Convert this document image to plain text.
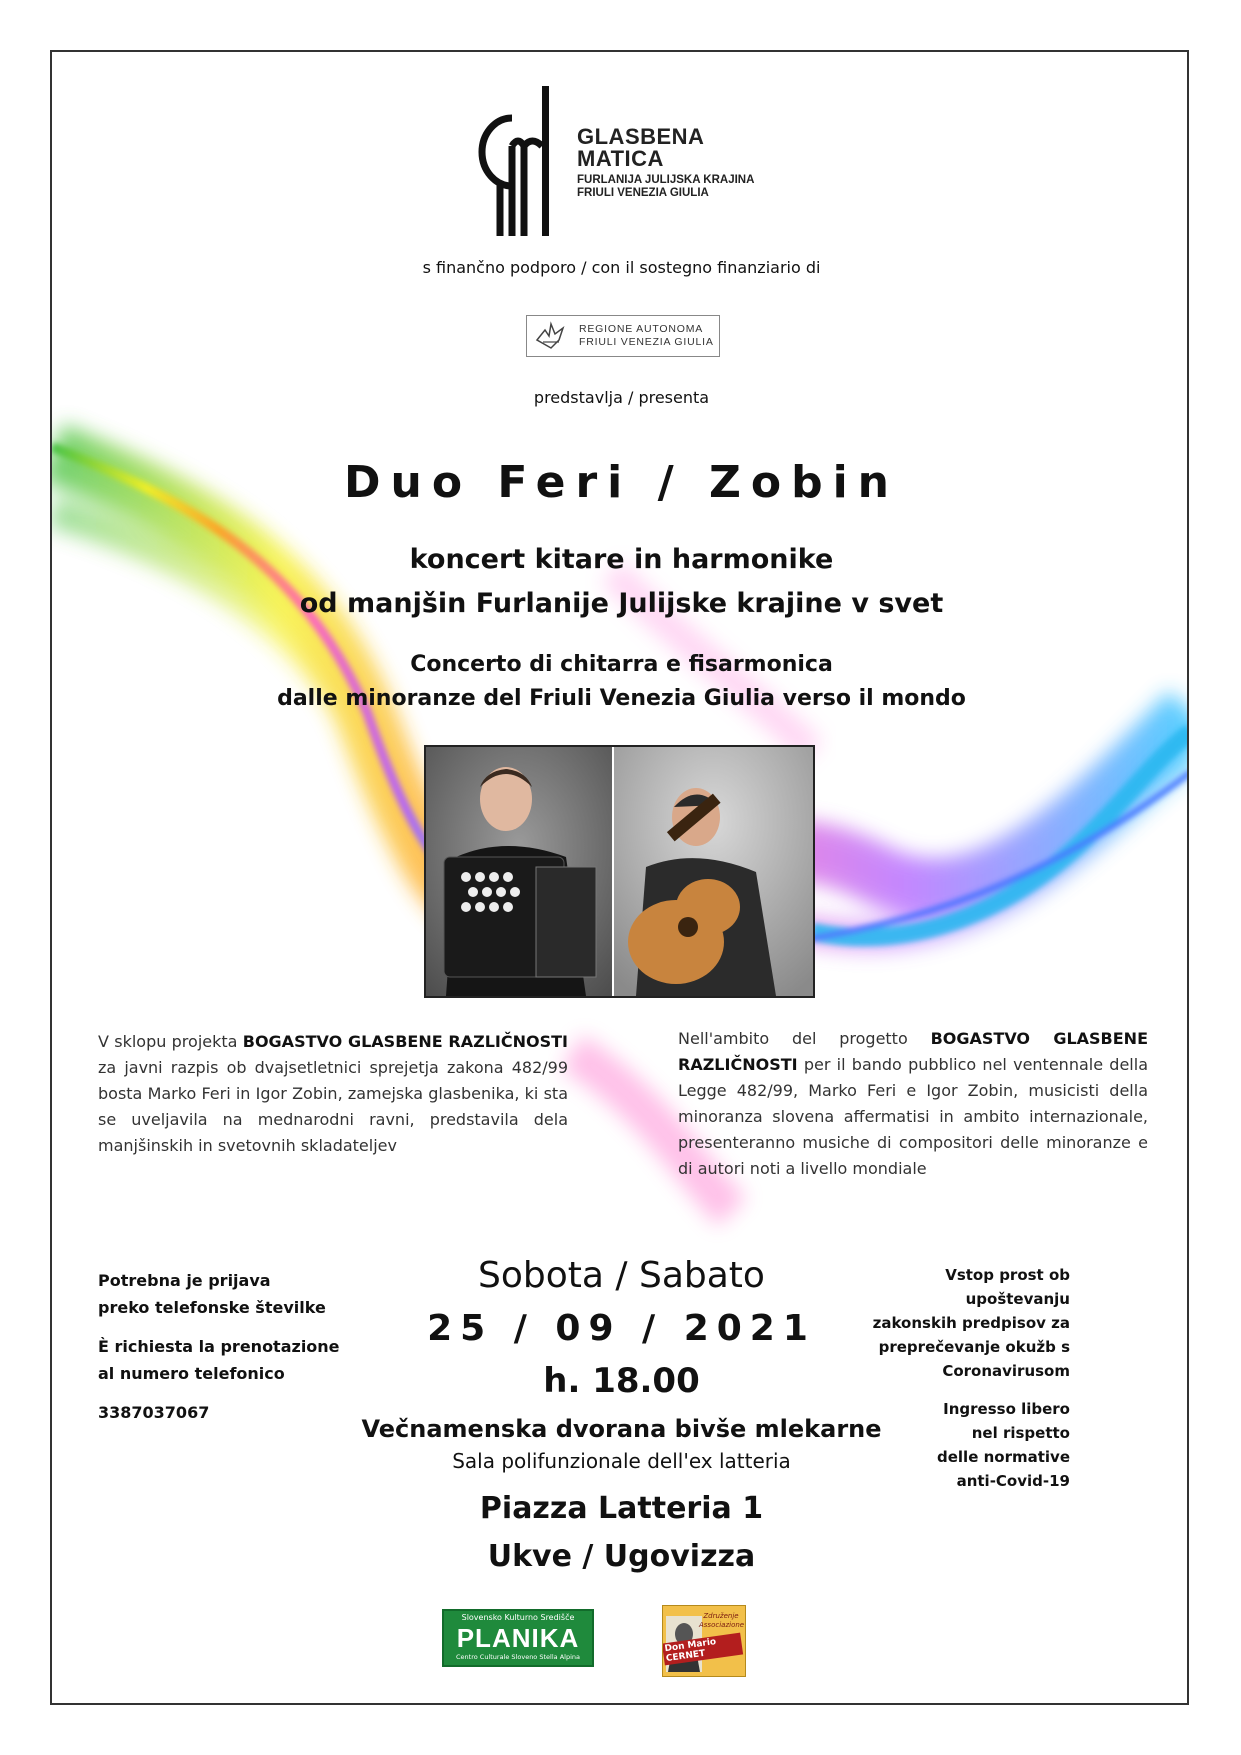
GLASBENA
MATICA
FURLANIJA JULIJSKA KRAJINA
FRIULI VENEZIA GIULIA
s finančno podporo / con il sostegno finanziario di
REGIONE AUTONOMA
FRIULI VENEZIA GIULIA
predstavlja / presenta
Duo Feri / Zobin
koncert kitare in harmonike
od manjšin Furlanije Julijske krajine v svet
Concerto di chitarra e fisarmonica
dalle minoranze del Friuli Venezia Giulia verso il mondo
V sklopu projekta BOGASTVO GLASBENE RAZLIČNOSTI za javni razpis ob dvajsetletnici sprejetja zakona 482/99 bosta Marko Feri in Igor Zobin, zamejska glasbenika, ki sta se uveljavila na mednarodni ravni, predstavila dela manjšinskih in svetovnih skladateljev
Nell'ambito del progetto BOGASTVO GLASBENE RAZLIČNOSTI per il bando pubblico nel ventennale della Legge 482/99, Marko Feri e Igor Zobin, musicisti della minoranza slovena affermatisi in ambito internazionale, presenteranno musiche di compositori delle minoranze e di autori noti a livello mondiale
Potrebna je prijava
preko telefonske številke
È richiesta la prenotazione
al numero telefonico
3387037067
Sobota / Sabato
25 / 09 / 2021
h. 18.00
Večnamenska dvorana bivše mlekarne
Sala polifunzionale dell'ex latteria
Piazza Latteria 1
Ukve / Ugovizza
Vstop prost ob upoštevanju
zakonskih predpisov za
preprečevanje okužb s
Coronavirusom
Ingresso libero
nel rispetto
delle normative
anti-Covid-19
Slovensko Kulturno Središče
PLANIKA
Centro Culturale Sloveno Stella Alpina
Združenje Associazione
Don Mario CERNET
